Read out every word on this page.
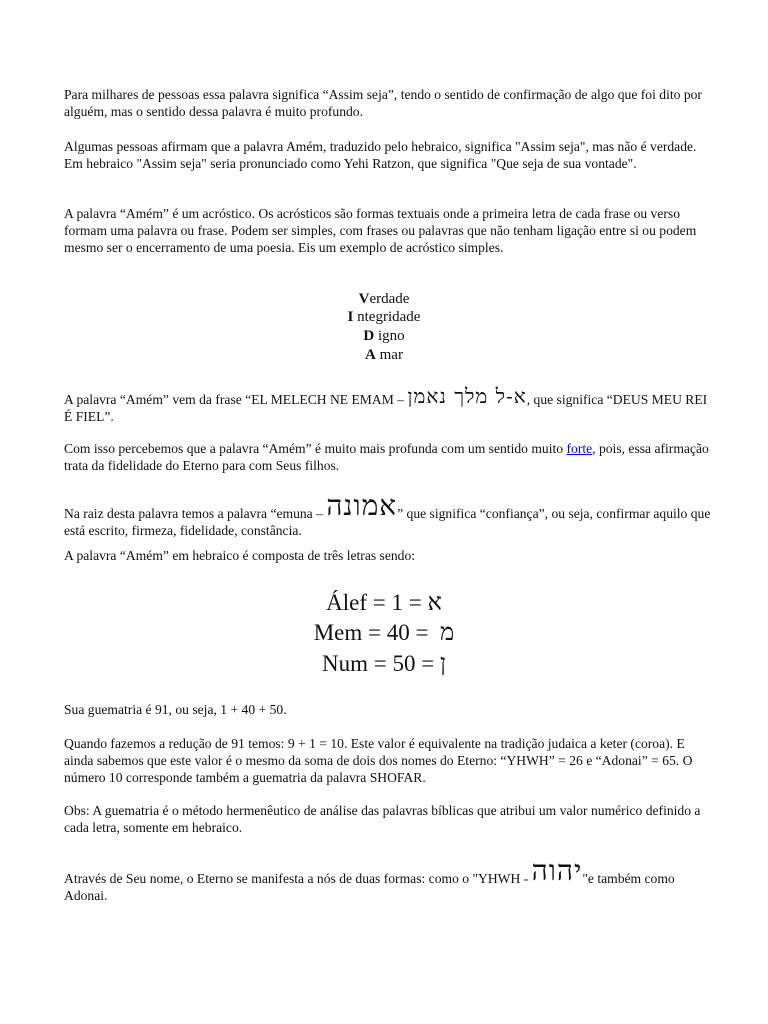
Para milhares de pessoas essa palavra significa “Assim seja”, tendo o sentido de confirmação de algo que foi dito por alguém, mas o sentido dessa palavra é muito profundo.

Algumas pessoas afirmam que a palavra Amém, traduzido pelo hebraico, significa "Assim seja", mas não é verdade. Em hebraico "Assim seja" seria pronunciado como Yehi Ratzon, que significa "Que seja de sua vontade".

A palavra “Amém” é um acróstico. Os acrósticos são formas textuais onde a primeira letra de cada frase ou verso formam uma palavra ou frase. Podem ser simples, com frases ou palavras que não tenham ligação entre si ou podem mesmo ser o encerramento de uma poesia. Eis um exemplo de acróstico simples.

Verdade
I ntegridade
D igno
A mar

A palavra “Amém” vem da frase “EL MELECH NE EMAM – א-ל מלך נאמן, que significa “DEUS MEU REI É FIEL”.

Com isso percebemos que a palavra “Amém” é muito mais profunda com um sentido muito forte, pois, essa afirmação trata da fidelidade do Eterno para com Seus filhos.

Na raiz desta palavra temos a palavra “emuna – אמונה” que significa “confiança”, ou seja, confirmar aquilo que está escrito, firmeza, fidelidade, constância.

A palavra “Amém” em hebraico é composta de três letras sendo:

Álef = א = 1
Mem = מ  = 40
Num = ן = 50

Sua guematria é 91, ou seja, 1 + 40 + 50.

Quando fazemos a redução de 91 temos: 9 + 1 = 10. Este valor é equivalente na tradição judaica a keter (coroa). E ainda sabemos que este valor é o mesmo da soma de dois dos nomes do Eterno: “YHWH” = 26 e “Adonai” = 65. O número 10 corresponde também a guematria da palavra SHOFAR.

Obs: A guematria é o método hermenêutico de análise das palavras bíblicas que atribui um valor numérico definido a cada letra, somente em hebraico.

Através de Seu nome, o Eterno se manifesta a nós de duas formas: como o "YHWH - יהוה"e também como Adonai.
